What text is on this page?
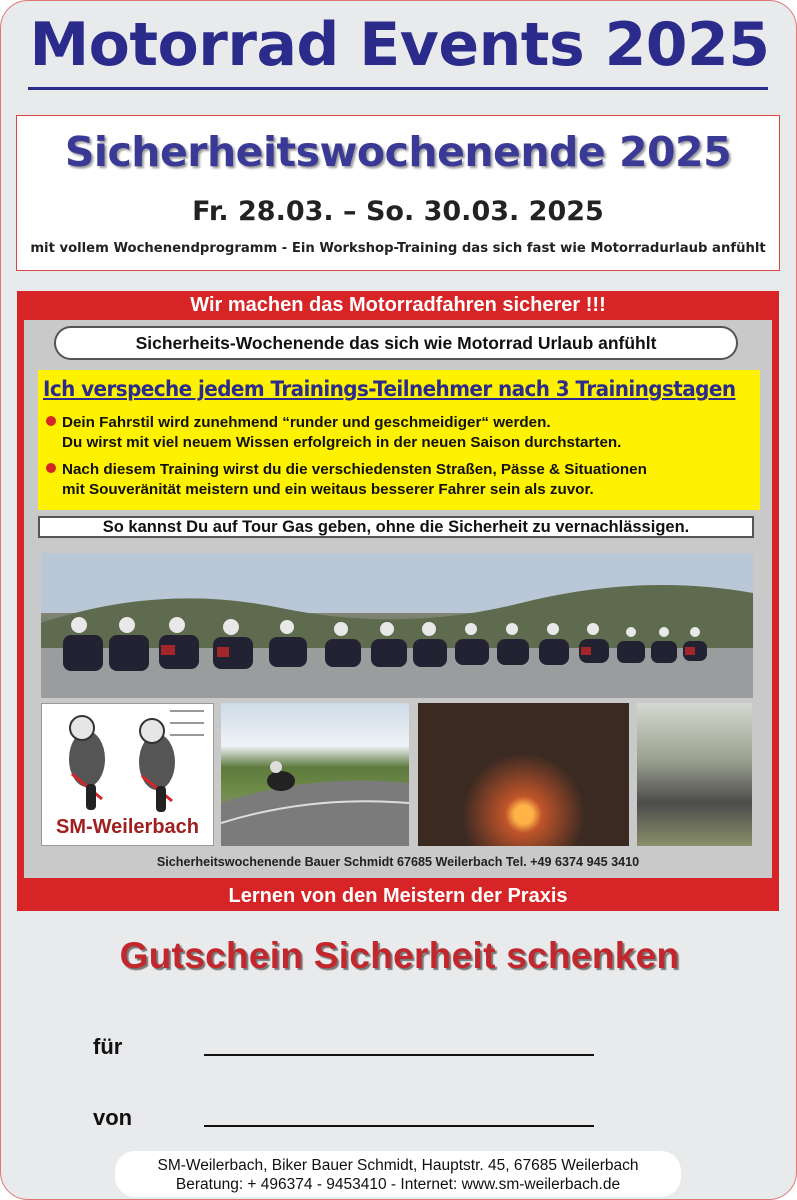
Motorrad Events 2025
Sicherheitswochenende 2025
Fr. 28.03. – So. 30.03. 2025
mit vollem Wochenendprogramm - Ein Workshop-Training das sich fast wie Motorradurlaub anfühlt
Wir machen das Motorradfahren sicherer !!!
Sicherheits-Wochenende das sich wie Motorrad Urlaub anfühlt
Ich verspeche jedem Trainings-Teilnehmer nach 3 Trainingstagen
Dein Fahrstil wird zunehmend “runder und geschmeidiger“ werden.
Du wirst mit viel neuem Wissen erfolgreich in der neuen Saison durchstarten.
Nach diesem Training wirst du die verschiedensten Straßen, Pässe & Situationen
mit Souveränität meistern und ein weitaus besserer Fahrer sein als zuvor.
So kannst Du auf Tour Gas geben, ohne die Sicherheit zu vernachlässigen.
SM-Weilerbach
Sicherheitswochenende Bauer Schmidt 67685 Weilerbach Tel. +49 6374 945 3410
Lernen von den Meistern der Praxis
Gutschein Sicherheit schenken
für
von
SM-Weilerbach, Biker Bauer Schmidt, Hauptstr. 45, 67685 Weilerbach
Beratung: + 496374 - 9453410 - Internet: www.sm-weilerbach.de
